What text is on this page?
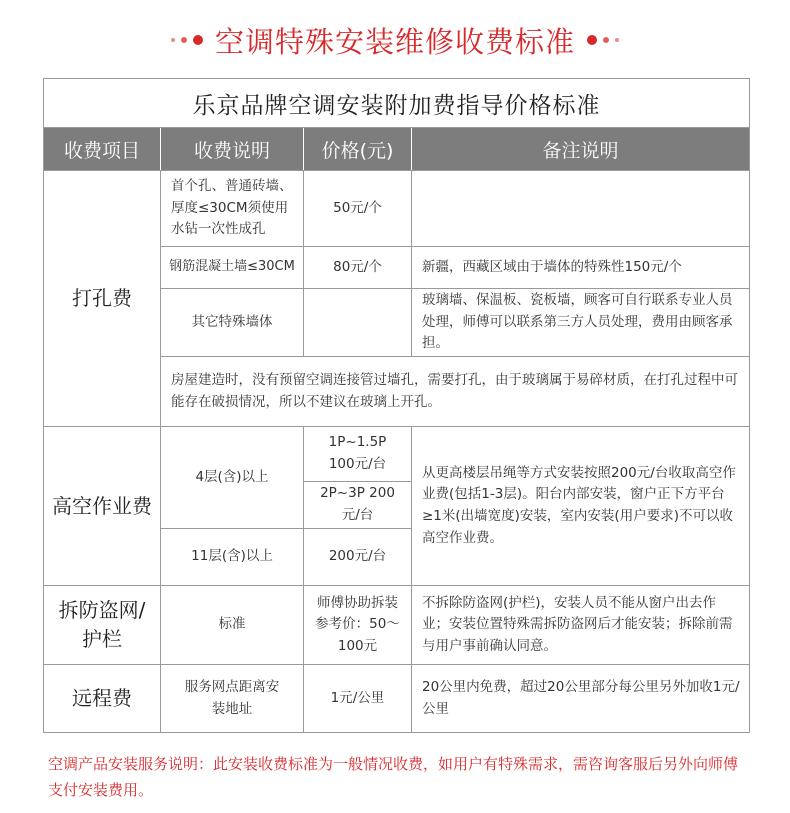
空调特殊安装维修收费标准
乐京品牌空调安装附加费指导价格标准			
收费项目	收费说明	价格(元)	备注说明
打孔费	首个孔、普通砖墙、厚度≤30CM须使用水钻一次性成孔	50元/个	
	钢筋混凝土墙≤30CM	80元/个	新疆，西藏区域由于墙体的特殊性150元/个
	其它特殊墙体		玻璃墙、保温板、瓷板墙，顾客可自行联系专业人员处理，师傅可以联系第三方人员处理，费用由顾客承担。
	房屋建造时，没有预留空调连接管过墙孔，需要打孔，由于玻璃属于易碎材质，在打孔过程中可能存在破损情况，所以不建议在玻璃上开孔。		
高空作业费	4层(含)以上	1P~1.5P 100元/台	从更高楼层吊绳等方式安装按照200元/台收取高空作业费(包括1-3层)。阳台内部安装，窗户正下方平台≥1米(出墙宽度)安装，室内安装(用户要求)不可以收高空作业费。
		2P~3P 200元/台	
	11层(含)以上	200元/台	
拆防盗网/护栏	标准	师傅协助拆装参考价：50～100元	不拆除防盗网(护栏)，安装人员不能从窗户出去作业；安装位置特殊需拆防盗网后才能安装；拆除前需与用户事前确认同意。
远程费	服务网点距离安装地址	1元/公里	20公里内免费，超过20公里部分每公里另外加收1元/公里
空调产品安装服务说明：此安装收费标准为一般情况收费，如用户有特殊需求，需咨询客服后另外向师傅支付安装费用。
